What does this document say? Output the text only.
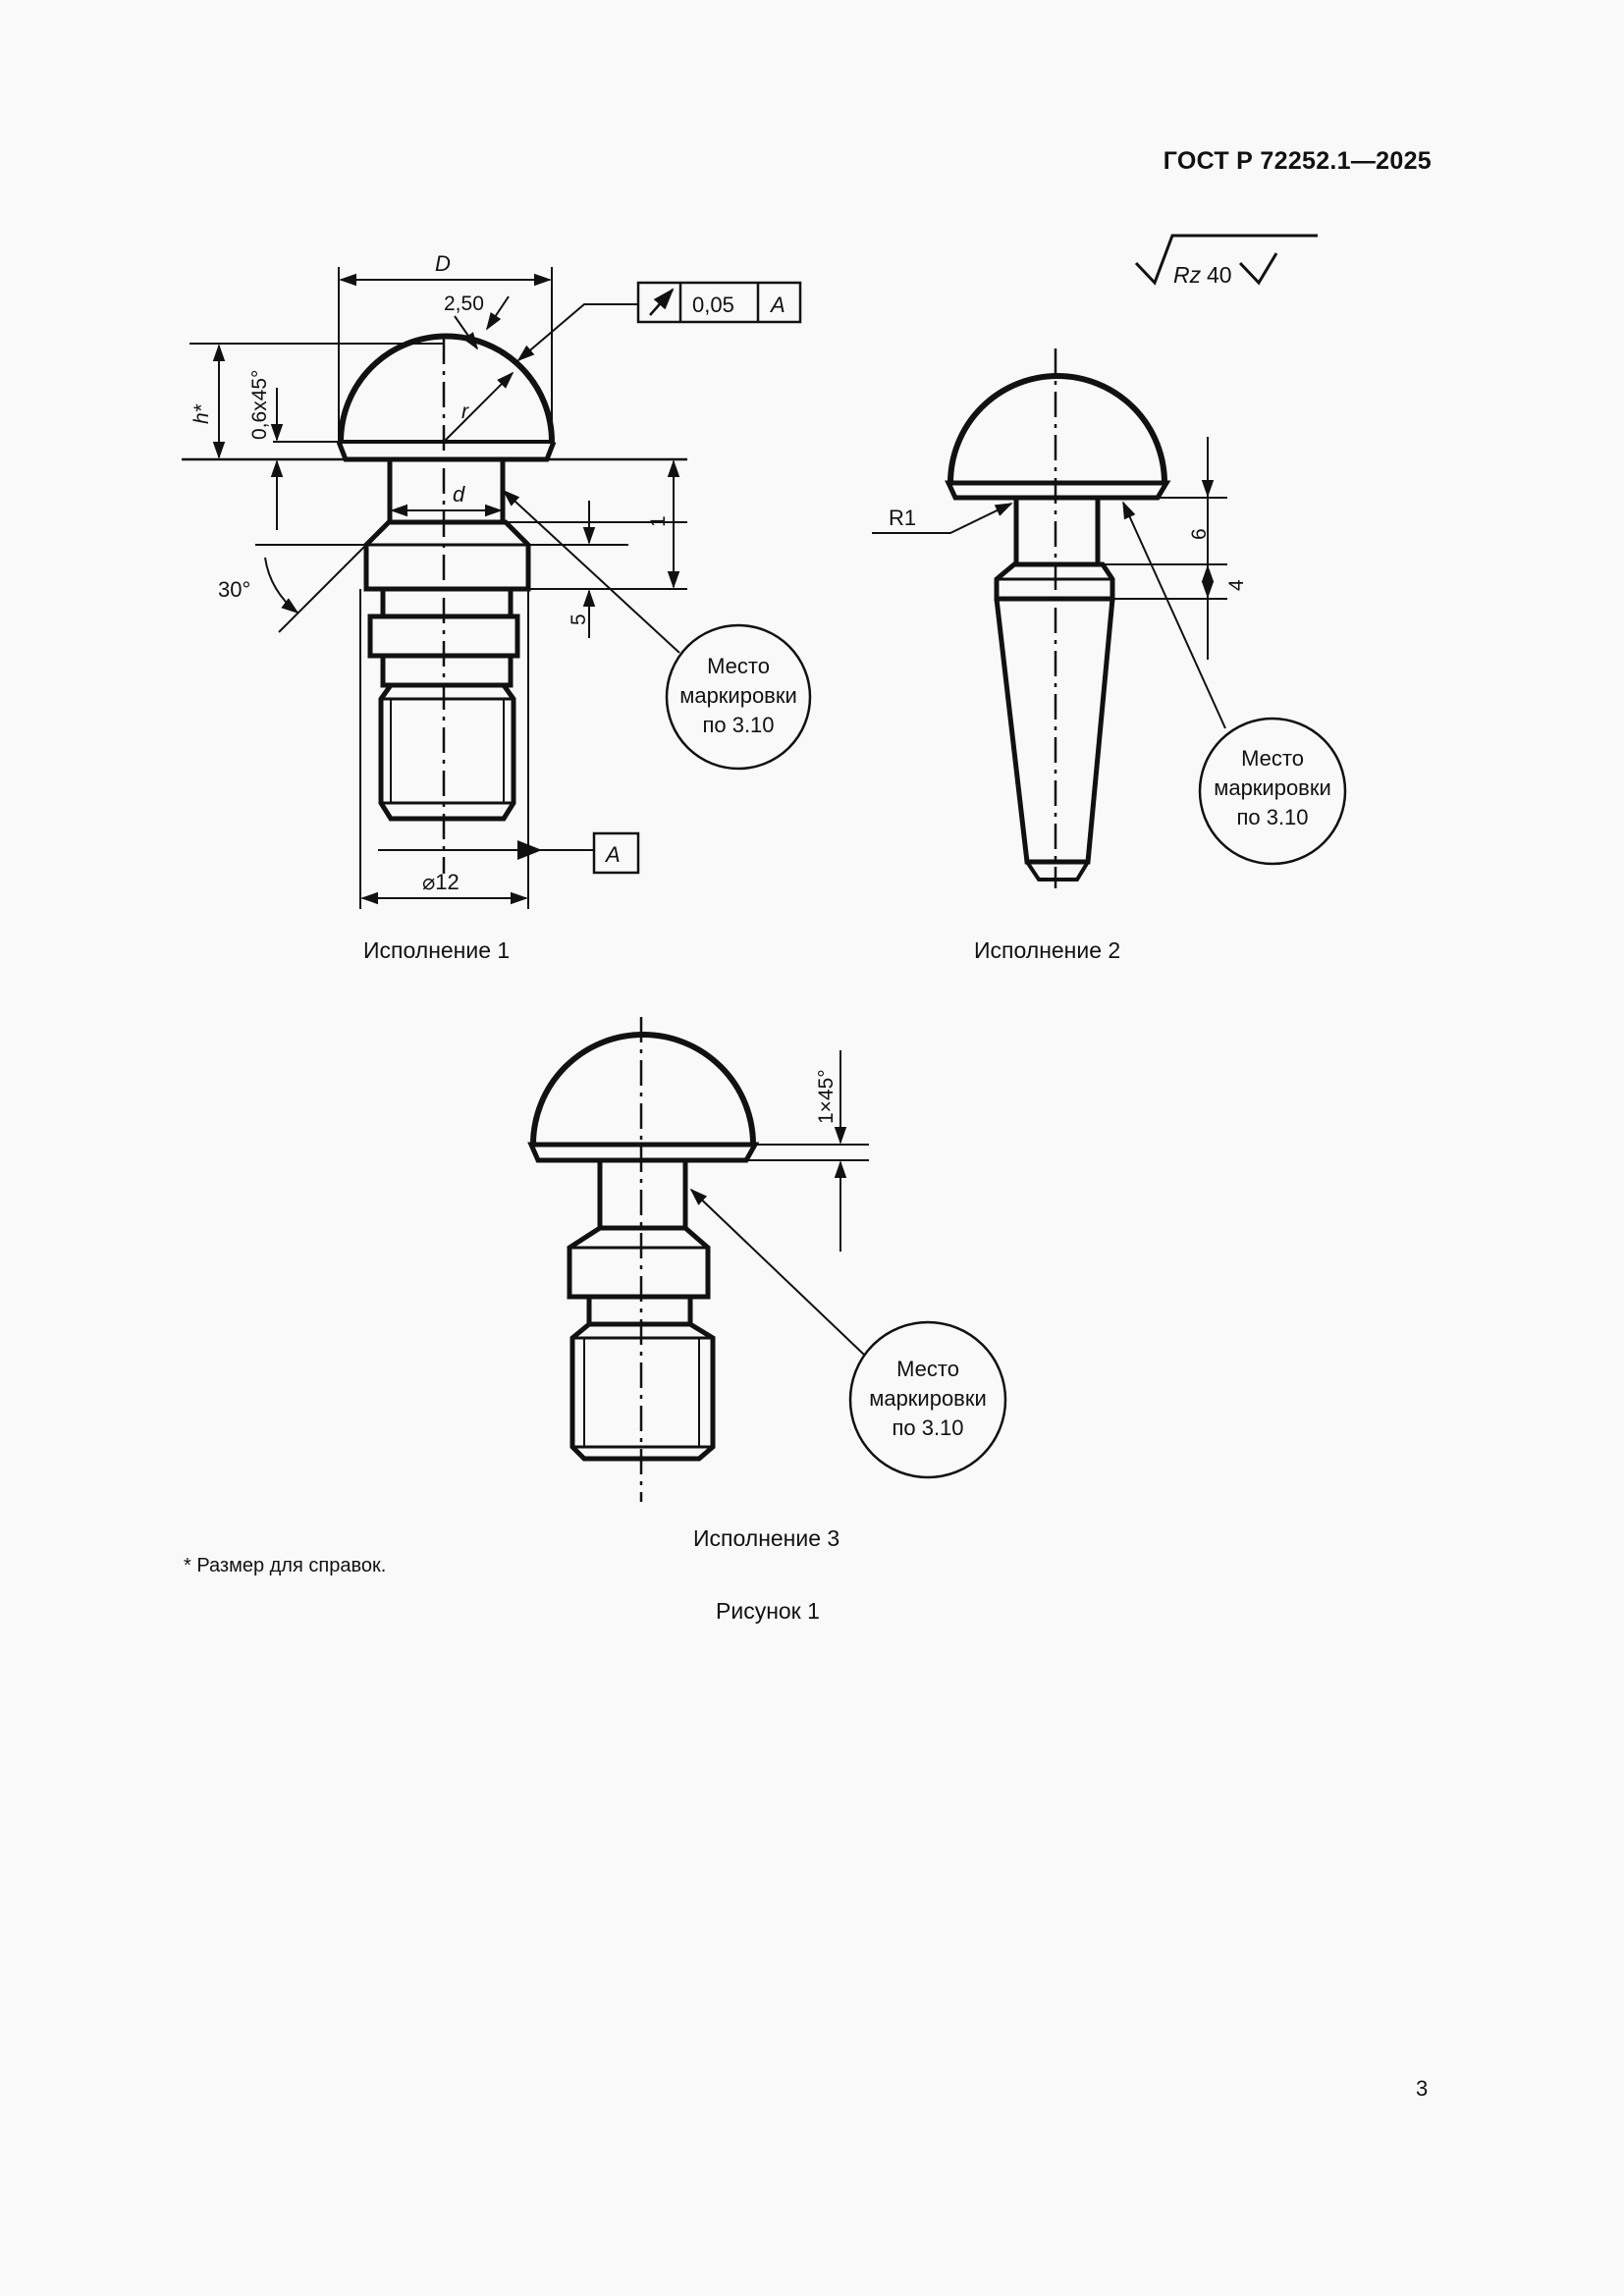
ГОСТ Р 72252.1—2025
Rz 40
D
2,50
h* 0,6x45°	r
d
1
5
30°
⌀12
0,05 A
A
Место
маркировки
по 3.10
R1
6
4
Место
маркировки
по 3.10
1×45°
Место
маркировки
по 3.10
Исполнение 1	Исполнение 2
Исполнение 3
* Размер для справок.
Рисунок 1
3
